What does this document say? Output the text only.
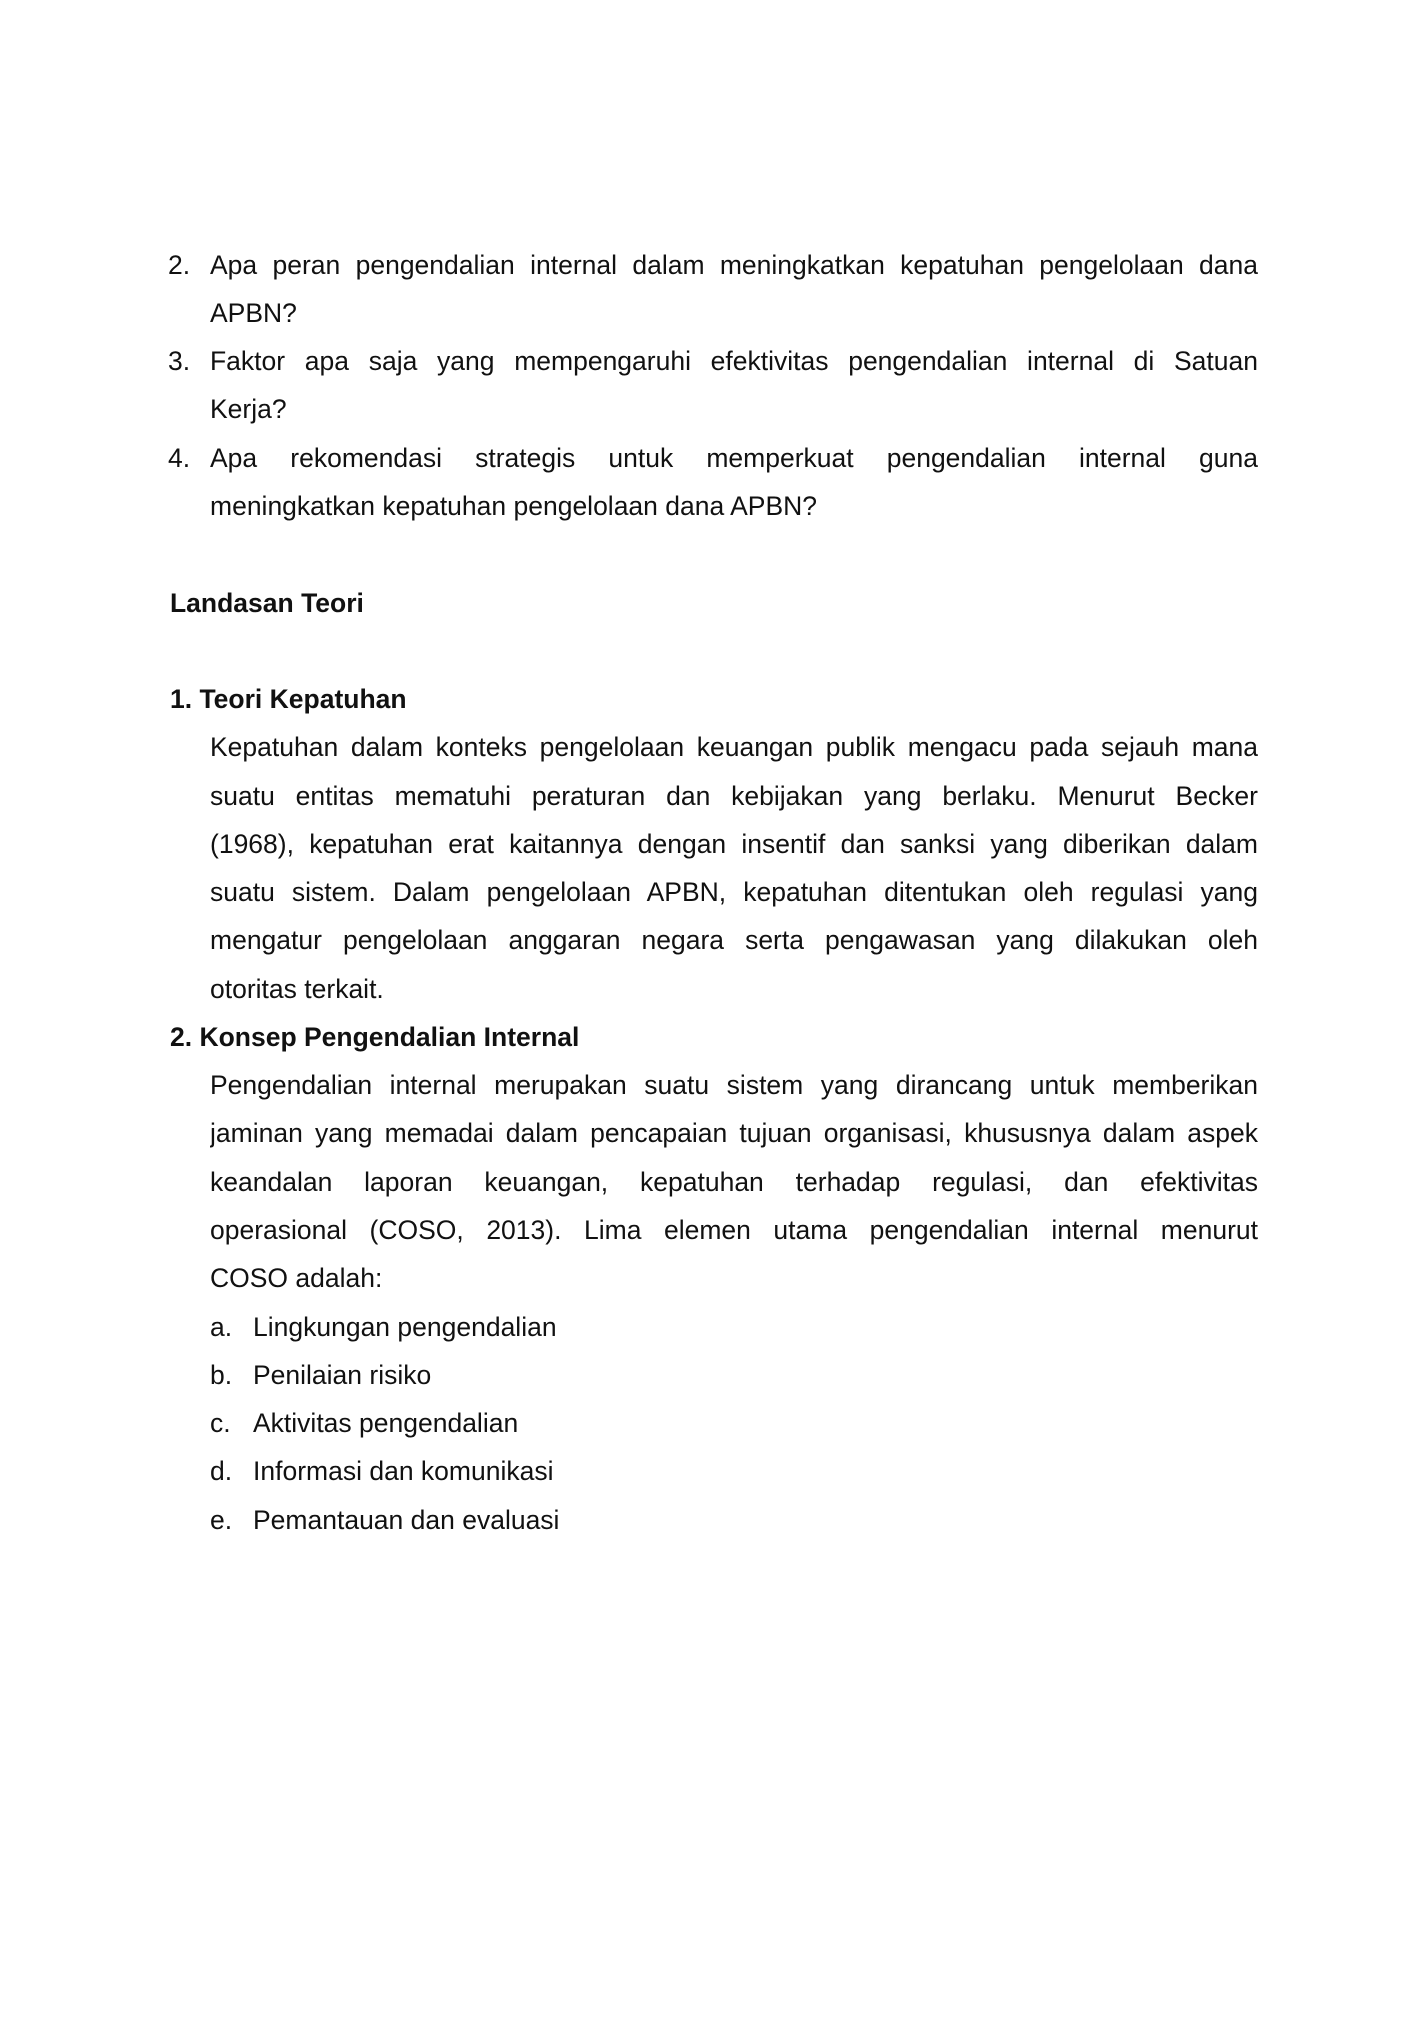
2. Apa peran pengendalian internal dalam meningkatkan kepatuhan pengelolaan dana
APBN?
3. Faktor apa saja yang mempengaruhi efektivitas pengendalian internal di Satuan
Kerja?
4. Apa rekomendasi strategis untuk memperkuat pengendalian internal guna
meningkatkan kepatuhan pengelolaan dana APBN?
Landasan Teori
1. Teori Kepatuhan
Kepatuhan dalam konteks pengelolaan keuangan publik mengacu pada sejauh mana
suatu entitas mematuhi peraturan dan kebijakan yang berlaku. Menurut Becker
(1968), kepatuhan erat kaitannya dengan insentif dan sanksi yang diberikan dalam
suatu sistem. Dalam pengelolaan APBN, kepatuhan ditentukan oleh regulasi yang
mengatur pengelolaan anggaran negara serta pengawasan yang dilakukan oleh
otoritas terkait.
2. Konsep Pengendalian Internal
Pengendalian internal merupakan suatu sistem yang dirancang untuk memberikan
jaminan yang memadai dalam pencapaian tujuan organisasi, khususnya dalam aspek
keandalan laporan keuangan, kepatuhan terhadap regulasi, dan efektivitas
operasional (COSO, 2013). Lima elemen utama pengendalian internal menurut
COSO adalah:
a. Lingkungan pengendalian
b. Penilaian risiko
c. Aktivitas pengendalian
d. Informasi dan komunikasi
e. Pemantauan dan evaluasi
